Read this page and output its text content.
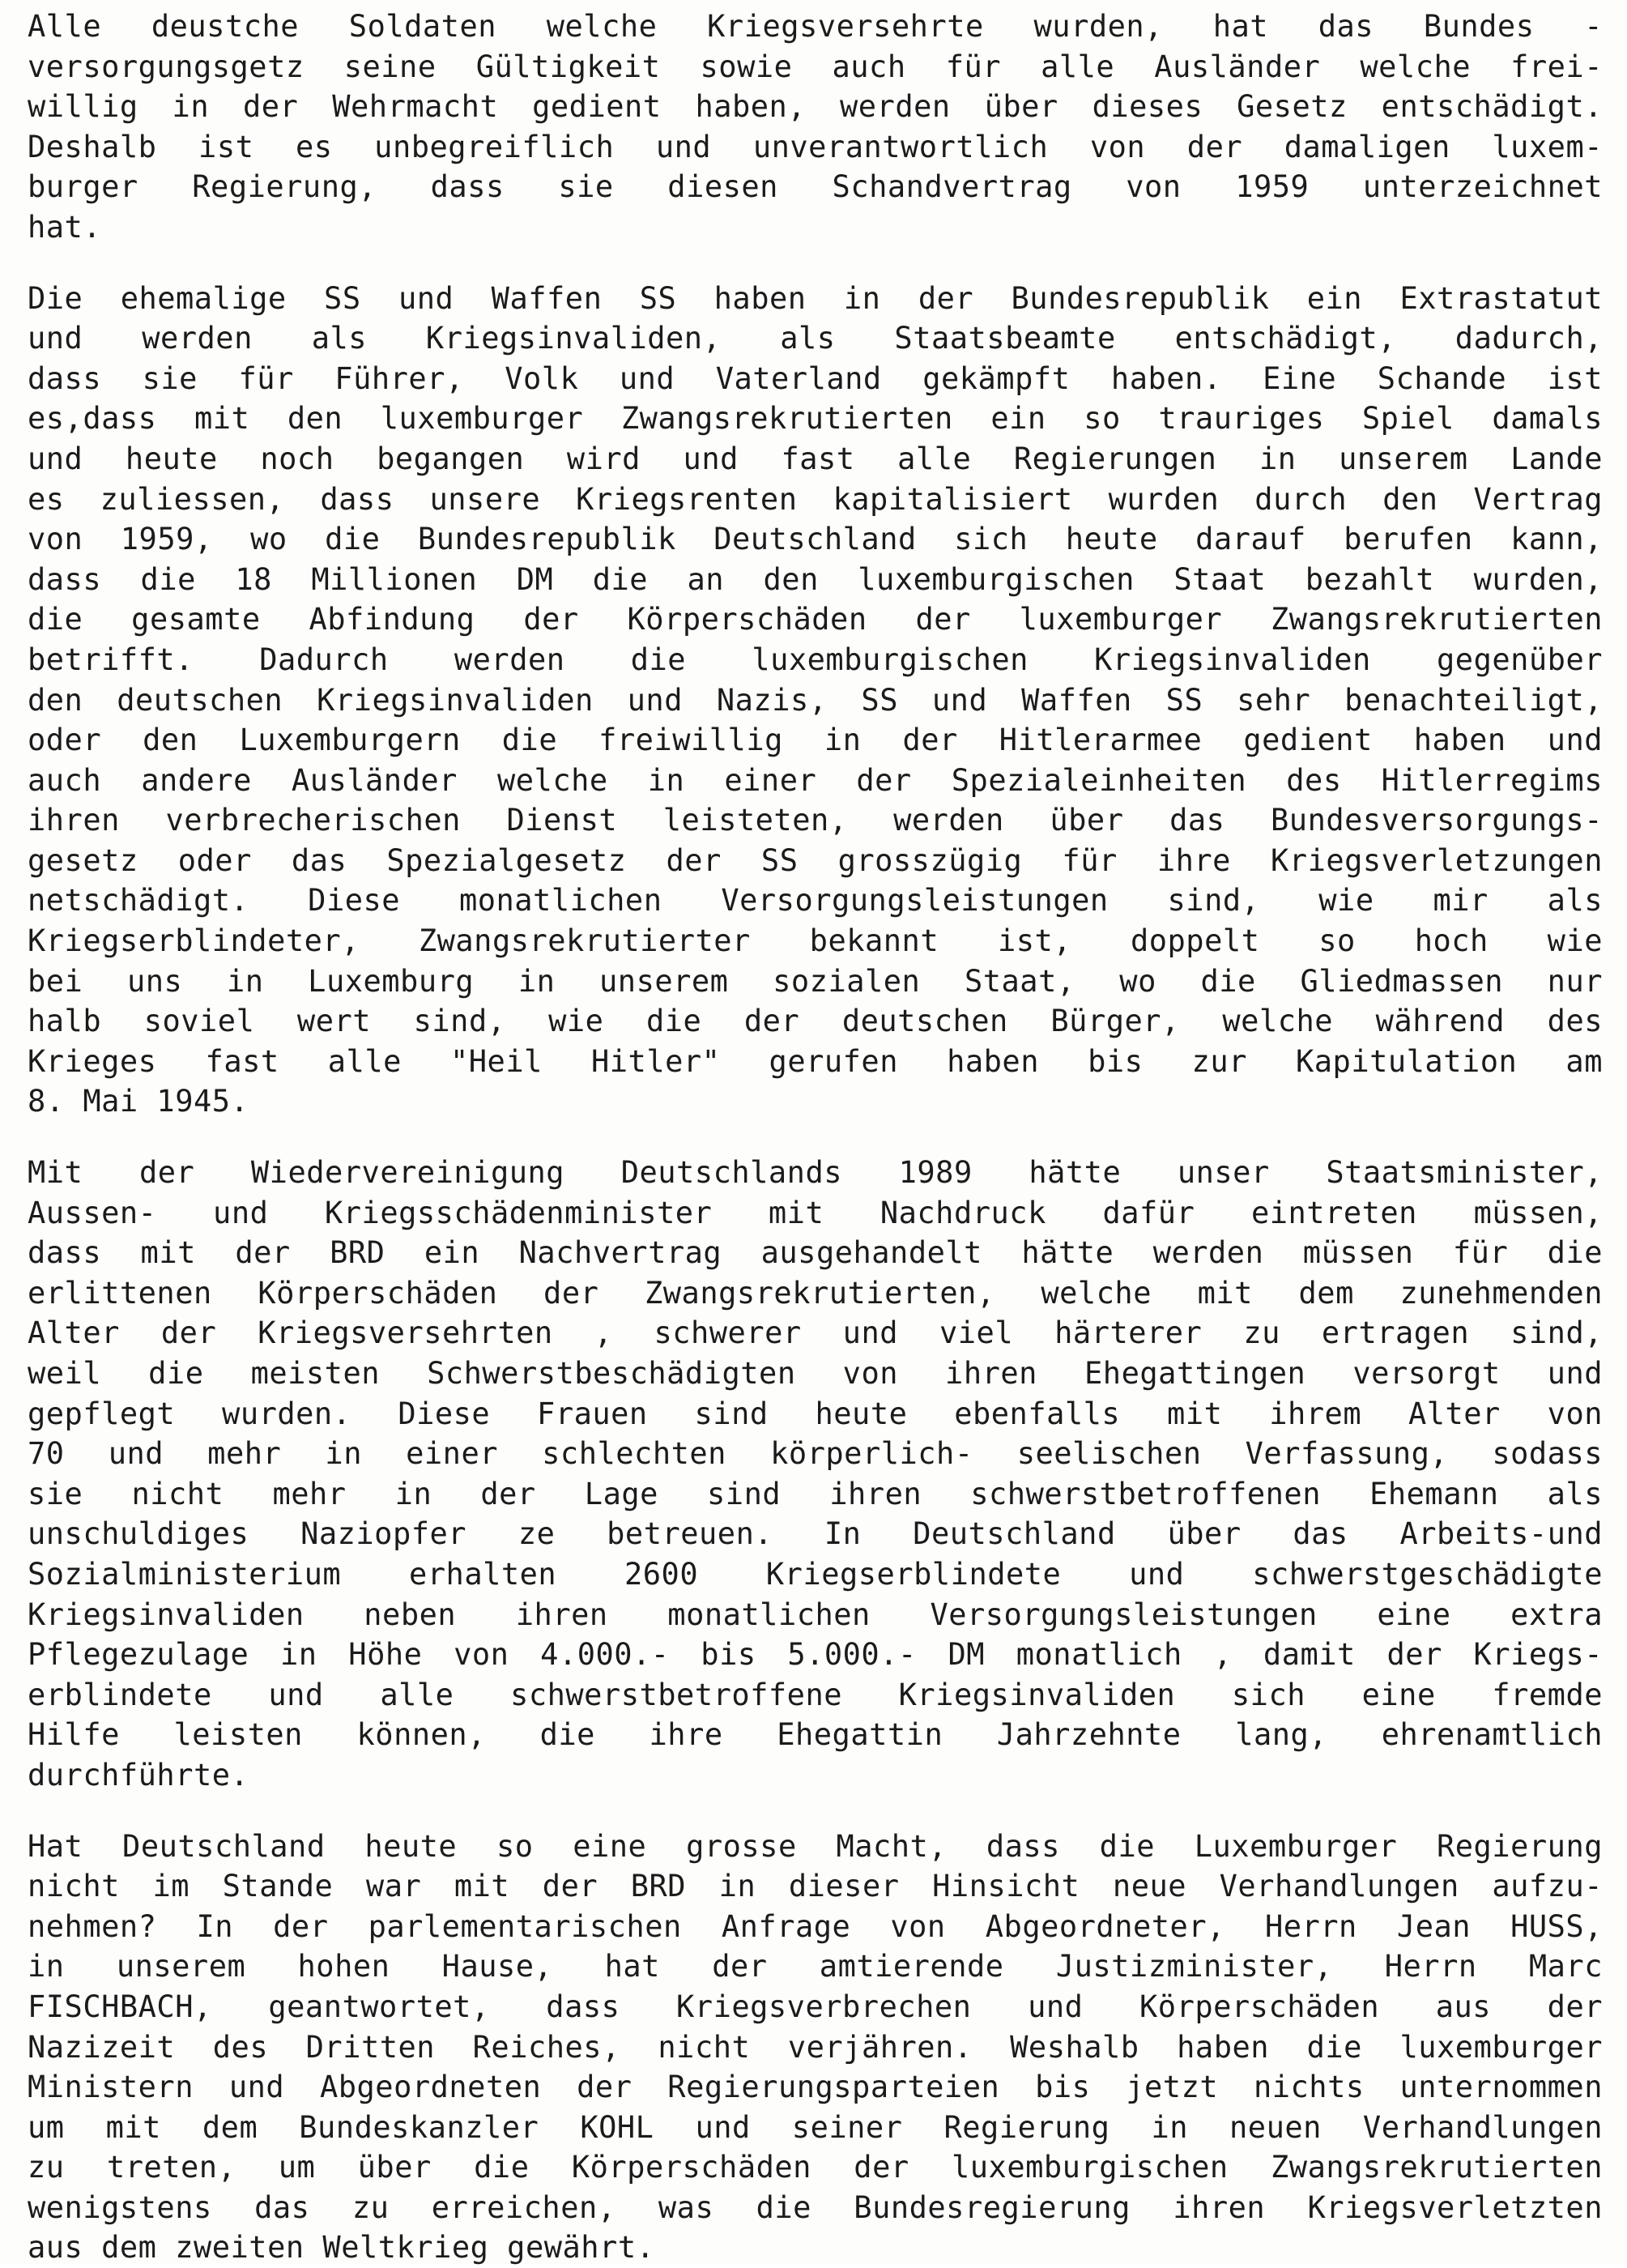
Alle deustche Soldaten welche Kriegsversehrte wurden, hat das Bundes -
versorgungsgetz seine Gültigkeit sowie auch für alle Ausländer welche frei-
willig in der Wehrmacht gedient haben, werden über dieses Gesetz entschädigt.
Deshalb ist es unbegreiflich und unverantwortlich von der damaligen luxem-
burger Regierung, dass sie diesen Schandvertrag von 1959 unterzeichnet
hat.
Die ehemalige SS und Waffen SS haben in der Bundesrepublik ein Extrastatut
und werden als Kriegsinvaliden, als Staatsbeamte entschädigt, dadurch,
dass sie für Führer, Volk und Vaterland gekämpft haben. Eine Schande ist
es,dass mit den luxemburger Zwangsrekrutierten ein so trauriges Spiel damals
und heute noch begangen wird und fast alle Regierungen in unserem Lande
es zuliessen, dass unsere Kriegsrenten kapitalisiert wurden durch den Vertrag
von 1959, wo die Bundesrepublik Deutschland sich heute darauf berufen kann,
dass die 18 Millionen DM die an den luxemburgischen Staat bezahlt wurden,
die gesamte Abfindung der Körperschäden der luxemburger Zwangsrekrutierten
betrifft. Dadurch werden die luxemburgischen Kriegsinvaliden gegenüber
den deutschen Kriegsinvaliden und Nazis, SS und Waffen SS sehr benachteiligt,
oder den Luxemburgern die freiwillig in der Hitlerarmee gedient haben und
auch andere Ausländer welche in einer der Spezialeinheiten des Hitlerregims
ihren verbrecherischen Dienst leisteten, werden über das Bundesversorgungs-
gesetz oder das Spezialgesetz der SS grosszügig für ihre Kriegsverletzungen
netschädigt. Diese monatlichen Versorgungsleistungen sind, wie mir als
Kriegserblindeter, Zwangsrekrutierter bekannt ist, doppelt so hoch wie
bei uns in Luxemburg in unserem sozialen Staat, wo die Gliedmassen nur
halb soviel wert sind, wie die der deutschen Bürger, welche während des
Krieges fast alle "Heil Hitler" gerufen haben bis zur Kapitulation am
8. Mai 1945.
Mit der Wiedervereinigung Deutschlands 1989 hätte unser Staatsminister,
Aussen- und Kriegsschädenminister mit Nachdruck dafür eintreten müssen,
dass mit der BRD ein Nachvertrag ausgehandelt hätte werden müssen für die
erlittenen Körperschäden der Zwangsrekrutierten, welche mit dem zunehmenden
Alter der Kriegsversehrten , schwerer und viel härterer zu ertragen sind,
weil die meisten Schwerstbeschädigten von ihren Ehegattingen versorgt und
gepflegt wurden. Diese Frauen sind heute ebenfalls mit ihrem Alter von
70 und mehr in einer schlechten körperlich- seelischen Verfassung, sodass
sie nicht mehr in der Lage sind ihren schwerstbetroffenen Ehemann als
unschuldiges Naziopfer ze betreuen. In Deutschland über das Arbeits-und
Sozialministerium erhalten 2600 Kriegserblindete und schwerstgeschädigte
Kriegsinvaliden neben ihren monatlichen Versorgungsleistungen eine extra
Pflegezulage in Höhe von 4.000.- bis 5.000.- DM monatlich , damit der Kriegs-
erblindete und alle schwerstbetroffene Kriegsinvaliden sich eine fremde
Hilfe leisten können, die ihre Ehegattin Jahrzehnte lang, ehrenamtlich
durchführte.
Hat Deutschland heute so eine grosse Macht, dass die Luxemburger Regierung
nicht im Stande war mit der BRD in dieser Hinsicht neue Verhandlungen aufzu-
nehmen? In der parlementarischen Anfrage von Abgeordneter, Herrn Jean HUSS,
in unserem hohen Hause, hat der amtierende Justizminister, Herrn Marc
FISCHBACH, geantwortet, dass Kriegsverbrechen und Körperschäden aus der
Nazizeit des Dritten Reiches, nicht verjähren. Weshalb haben die luxemburger
Ministern und Abgeordneten der Regierungsparteien bis jetzt nichts unternommen
um mit dem Bundeskanzler KOHL und seiner Regierung in neuen Verhandlungen
zu treten, um über die Körperschäden der luxemburgischen Zwangsrekrutierten
wenigstens das zu erreichen, was die Bundesregierung ihren Kriegsverletzten
aus dem zweiten Weltkrieg gewährt.
